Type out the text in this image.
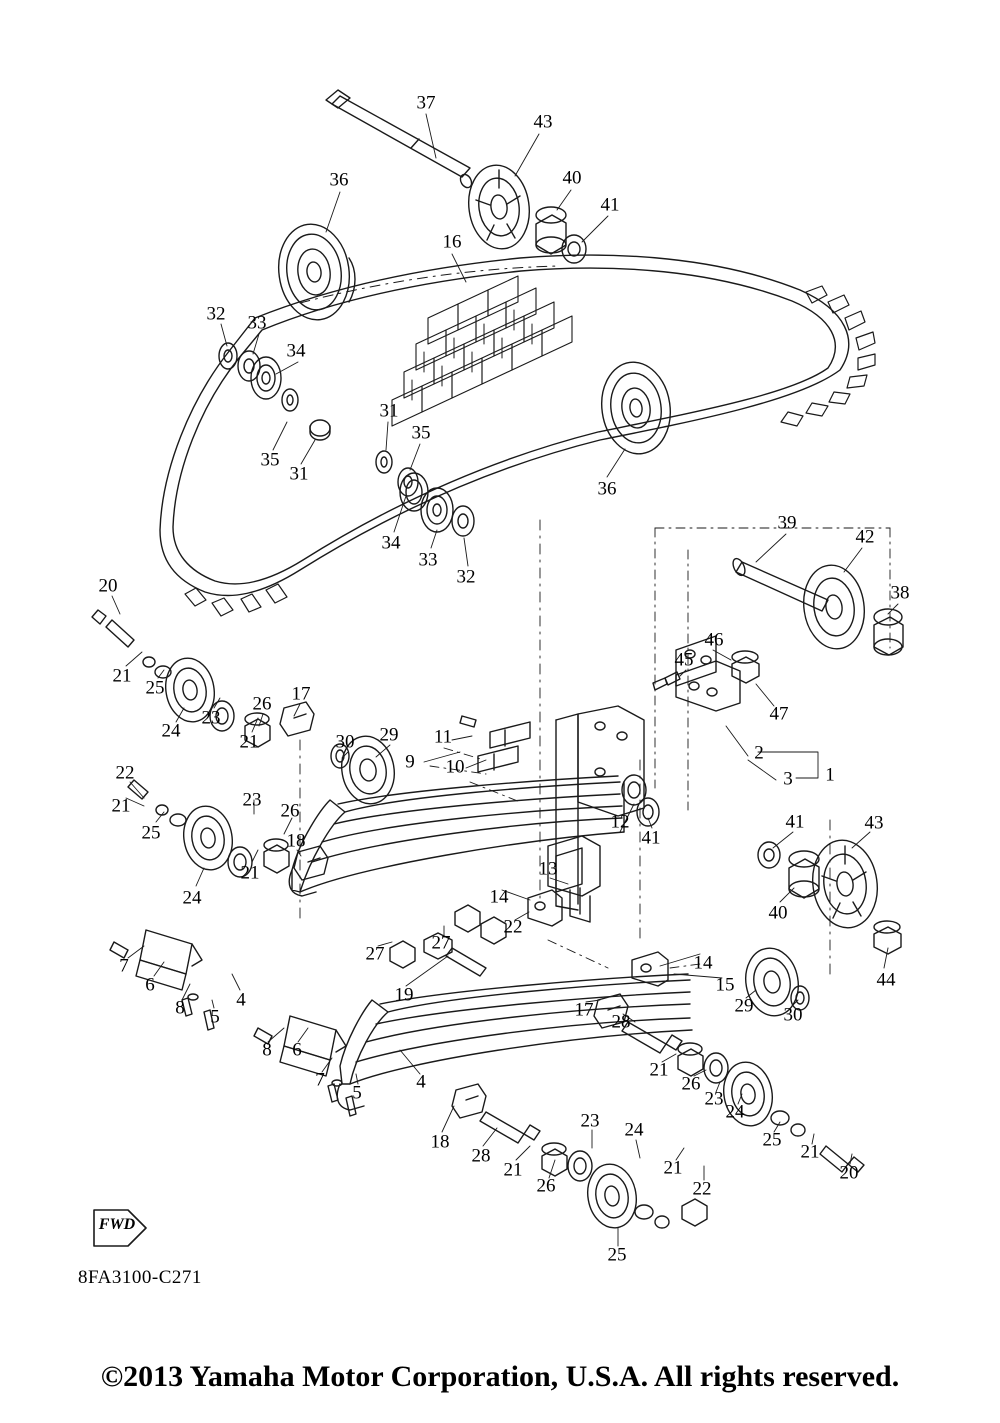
FWD
8FA3100-C271
©2013 Yamaha Motor Corporation, U.S.A. All rights reserved.
37
43
36	40
41
16
32 33
34
31
35
35
31
36
34
33
32
39
42
38
20
46
45
47
21
25
24
23
26 17
21	30 29 11
9 10
2
3 1
22
21
25
23
26
18
24
21
12
41
41	43
40
44
13
14
22
27
7
6
8	4
5
27
19
14
15
29 30
8 6
7	4
5
17
28
21
26
23
24
25
21
20
18
28
21
26
23 24
21
22
25
